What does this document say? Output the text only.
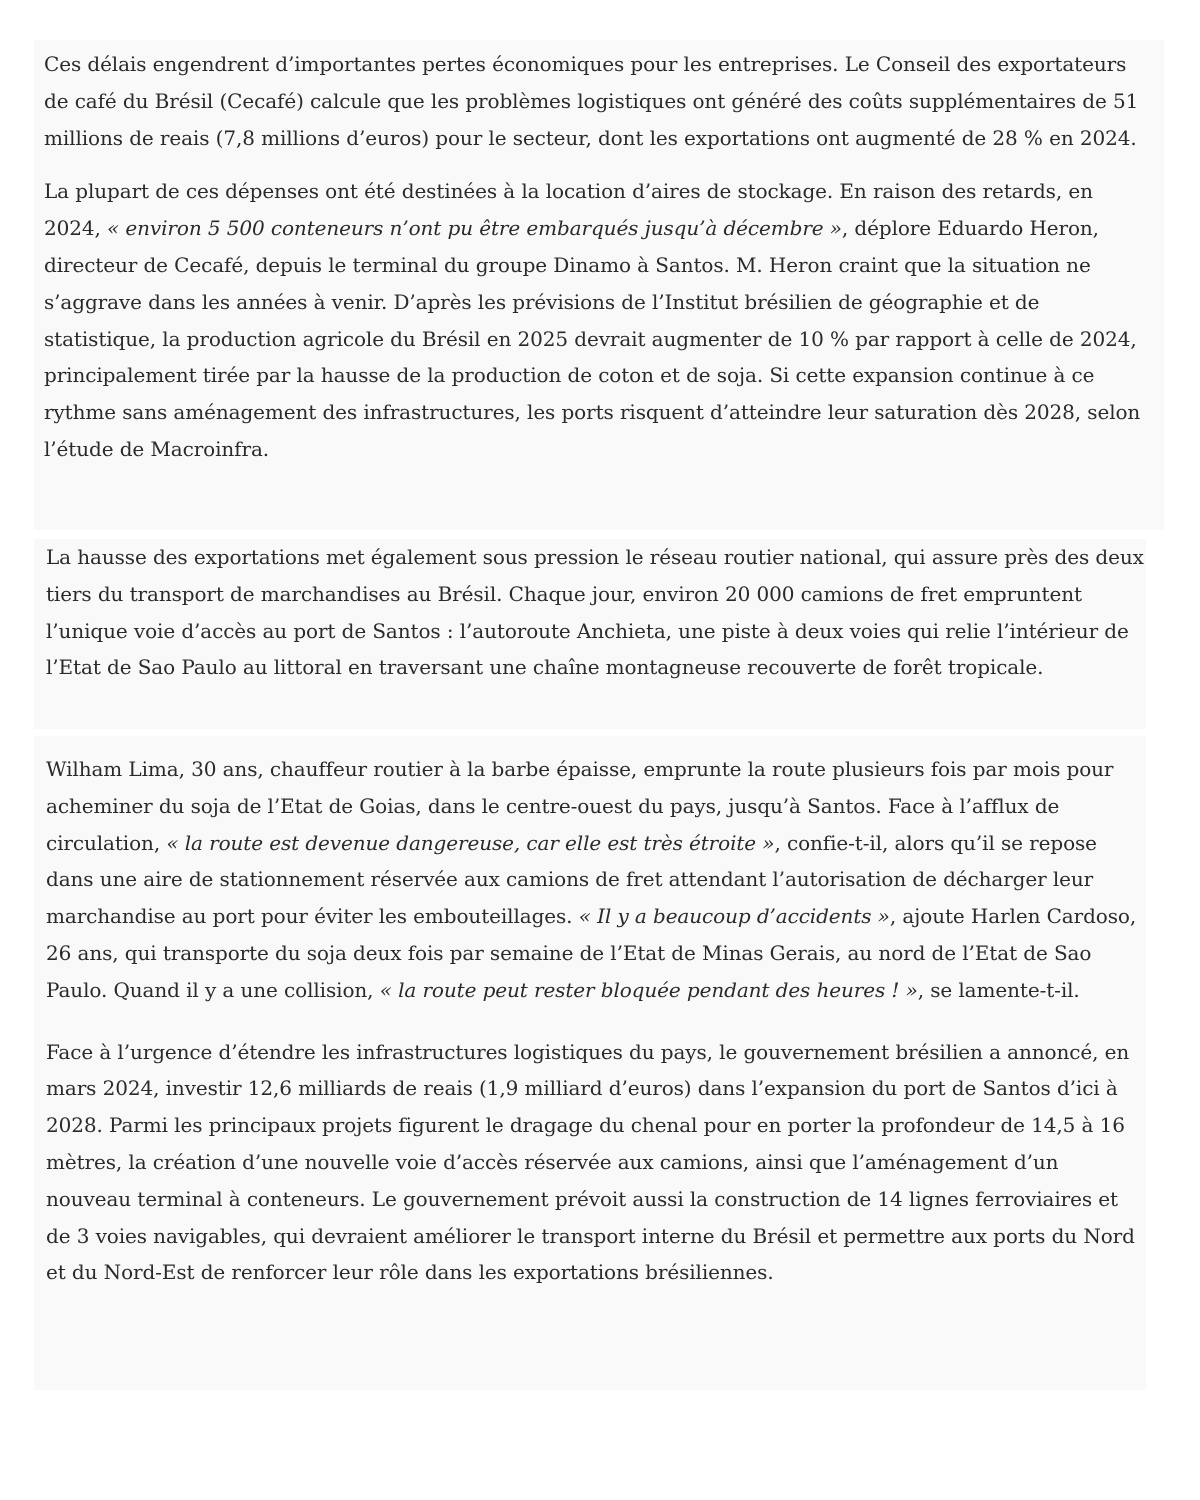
Ces délais engendrent d’importantes pertes économiques pour les entreprises. Le Conseil des exportateurs de café du Brésil (Cecafé) calcule que les problèmes logistiques ont généré des coûts supplémentaires de 51 millions de reais (7,8 millions d’euros) pour le secteur, dont les exportations ont augmenté de 28 % en 2024.

La plupart de ces dépenses ont été destinées à la location d’aires de stockage. En raison des retards, en 2024, « environ 5 500 conteneurs n’ont pu être embarqués jusqu’à décembre », déplore Eduardo Heron, directeur de Cecafé, depuis le terminal du groupe Dinamo à Santos. M. Heron craint que la situation ne s’aggrave dans les années à venir. D’après les prévisions de l’Institut brésilien de géographie et de statistique, la production agricole du Brésil en 2025 devrait augmenter de 10 % par rapport à celle de 2024, principalement tirée par la hausse de la production de coton et de soja. Si cette expansion continue à ce rythme sans aménagement des infrastructures, les ports risquent d’atteindre leur saturation dès 2028, selon l’étude de Macroinfra.

La hausse des exportations met également sous pression le réseau routier national, qui assure près des deux tiers du transport de marchandises au Brésil. Chaque jour, environ 20 000 camions de fret empruntent l’unique voie d’accès au port de Santos : l’autoroute Anchieta, une piste à deux voies qui relie l’intérieur de l’Etat de Sao Paulo au littoral en traversant une chaîne montagneuse recouverte de forêt tropicale.

Wilham Lima, 30 ans, chauffeur routier à la barbe épaisse, emprunte la route plusieurs fois par mois pour acheminer du soja de l’Etat de Goias, dans le centre-ouest du pays, jusqu’à Santos. Face à l’afflux de circulation, « la route est devenue dangereuse, car elle est très étroite », confie-t-il, alors qu’il se repose dans une aire de stationnement réservée aux camions de fret attendant l’autorisation de décharger leur marchandise au port pour éviter les embouteillages. « Il y a beaucoup d’accidents », ajoute Harlen Cardoso, 26 ans, qui transporte du soja deux fois par semaine de l’Etat de Minas Gerais, au nord de l’Etat de Sao Paulo. Quand il y a une collision, « la route peut rester bloquée pendant des heures ! », se lamente-t-il.

Face à l’urgence d’étendre les infrastructures logistiques du pays, le gouvernement brésilien a annoncé, en mars 2024, investir 12,6 milliards de reais (1,9 milliard d’euros) dans l’expansion du port de Santos d’ici à 2028. Parmi les principaux projets figurent le dragage du chenal pour en porter la profondeur de 14,5 à 16 mètres, la création d’une nouvelle voie d’accès réservée aux camions, ainsi que l’aménagement d’un nouveau terminal à conteneurs. Le gouvernement prévoit aussi la construction de 14 lignes ferroviaires et de 3 voies navigables, qui devraient améliorer le transport interne du Brésil et permettre aux ports du Nord et du Nord-Est de renforcer leur rôle dans les exportations brésiliennes.
